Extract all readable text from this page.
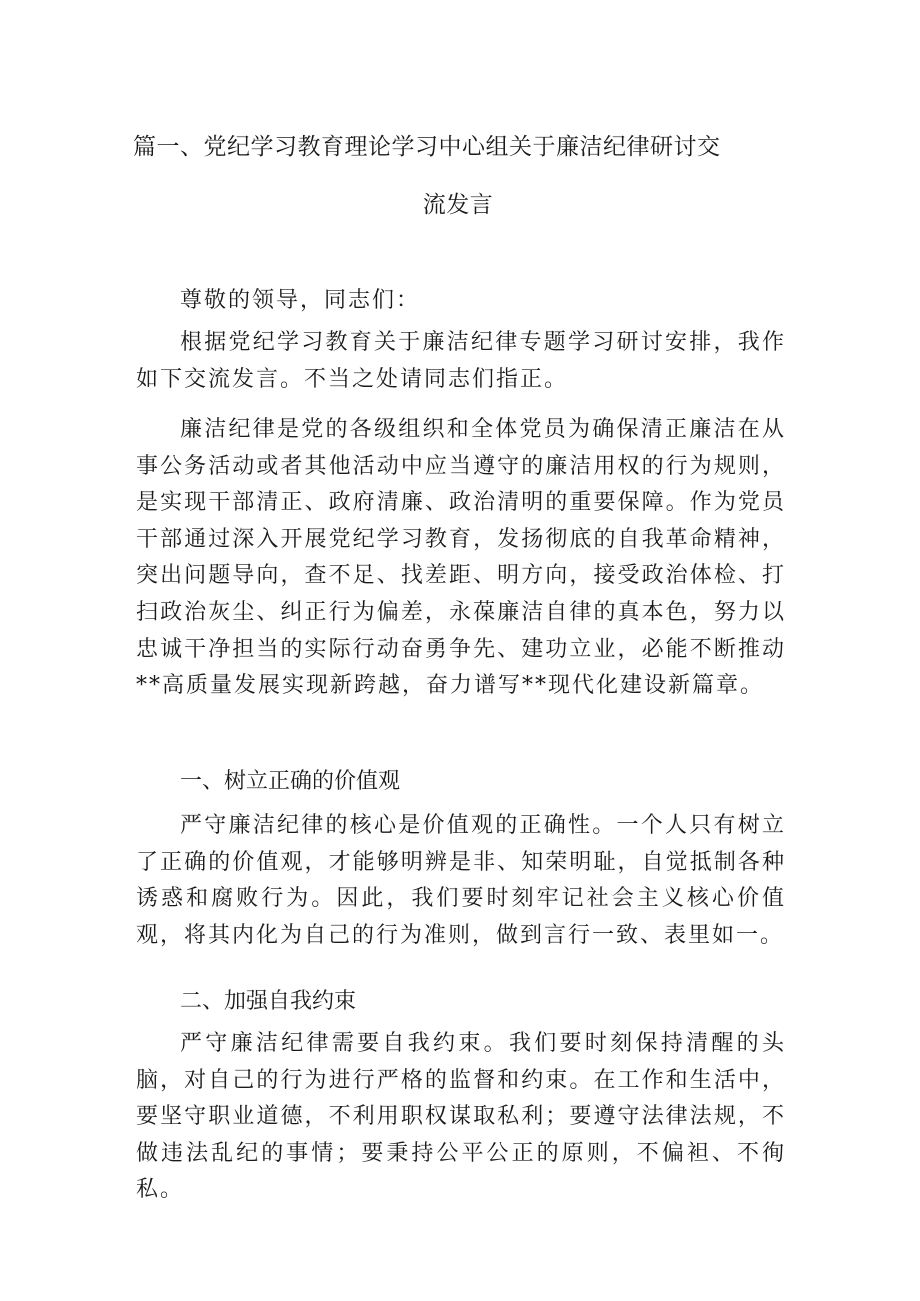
篇一、党纪学习教育理论学习中心组关于廉洁纪律研讨交
流发言

尊敬的领导，同志们：

根据党纪学习教育关于廉洁纪律专题学习研讨安排，我作如下交流发言。不当之处请同志们指正。

廉洁纪律是党的各级组织和全体党员为确保清正廉洁在从事公务活动或者其他活动中应当遵守的廉洁用权的行为规则，是实现干部清正、政府清廉、政治清明的重要保障。作为党员干部通过深入开展党纪学习教育，发扬彻底的自我革命精神，突出问题导向，查不足、找差距、明方向，接受政治体检、打扫政治灰尘、纠正行为偏差，永葆廉洁自律的真本色，努力以忠诚干净担当的实际行动奋勇争先、建功立业，必能不断推动**高质量发展实现新跨越，奋力谱写**现代化建设新篇章。

一、树立正确的价值观

严守廉洁纪律的核心是价值观的正确性。一个人只有树立了正确的价值观，才能够明辨是非、知荣明耻，自觉抵制各种诱惑和腐败行为。因此，我们要时刻牢记社会主义核心价值观，将其内化为自己的行为准则，做到言行一致、表里如一。

二、加强自我约束

严守廉洁纪律需要自我约束。我们要时刻保持清醒的头脑，对自己的行为进行严格的监督和约束。在工作和生活中，要坚守职业道德，不利用职权谋取私利；要遵守法律法规，不做违法乱纪的事情；要秉持公平公正的原则，不偏袒、不徇私。
